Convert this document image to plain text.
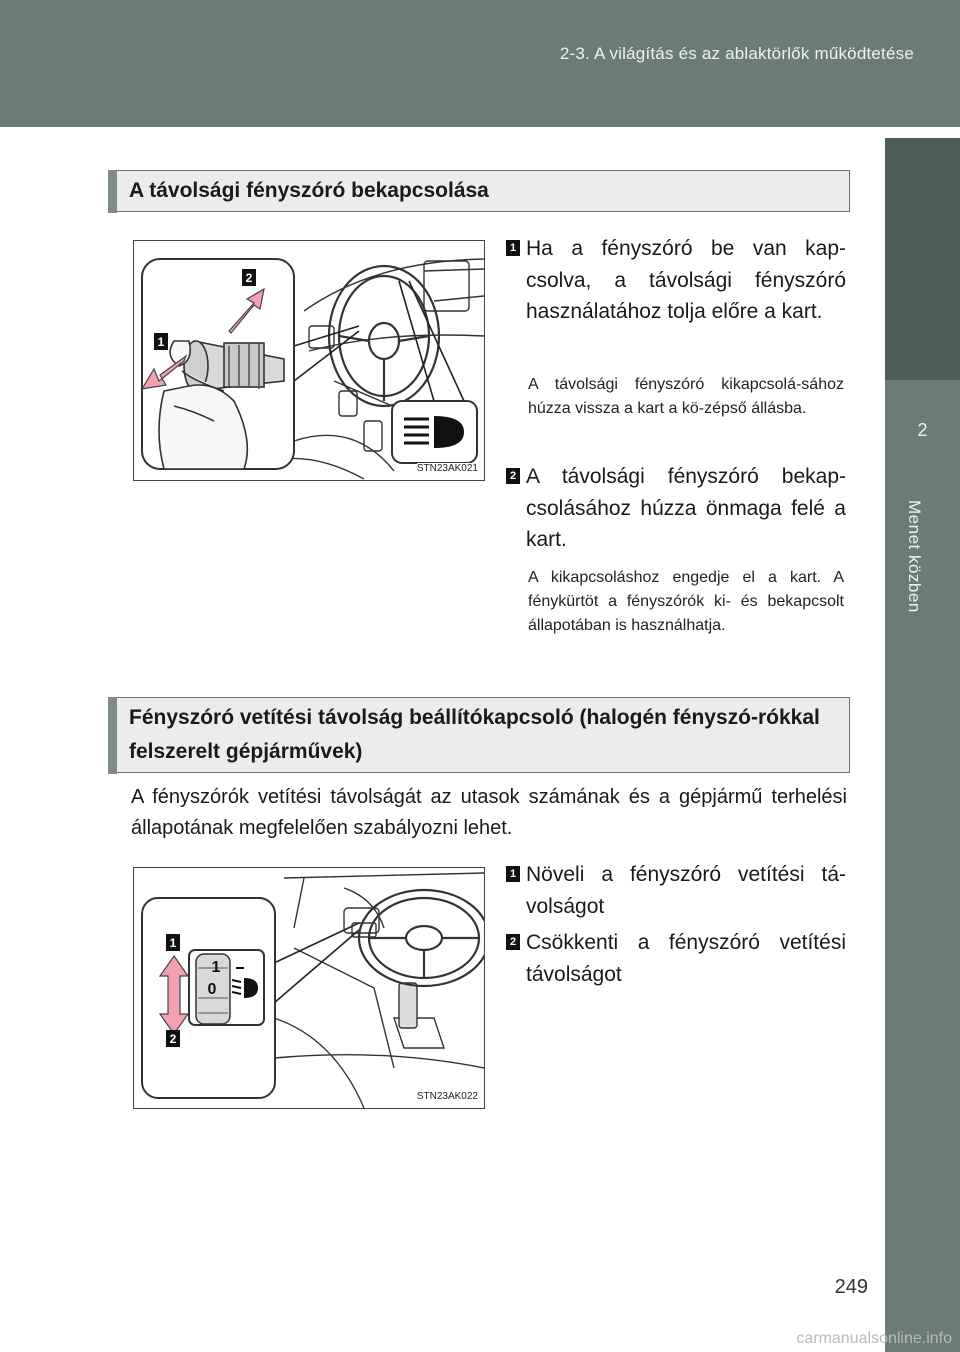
2-3. A világítás és az ablaktörlők működtetése
2
Menet közben
A távolsági fényszóró bekapcsolása
1
2
STN23AK021
1 Ha a fényszóró be van kap-csolva, a távolsági fényszóró használatához tolja előre a kart.
A távolsági fényszóró kikapcsolá-sához húzza vissza a kart a kö-zépső állásba.
2 A távolsági fényszóró bekap-csolásához húzza önmaga felé a kart.
A kikapcsoláshoz engedje el a kart. A fénykürtöt a fényszórók ki- és bekapcsolt állapotában is használhatja.
Fényszóró vetítési távolság beállítókapcsoló (halogén fényszó-rókkal felszerelt gépjárművek)
A fényszórók vetítési távolságát az utasok számának és a gépjármű terhelési állapotának megfelelően szabályozni lehet.
1
0
1
2
STN23AK022
1 Növeli a fényszóró vetítési tá-volságot
2 Csökkenti a fényszóró vetítési távolságot
249
carmanualsonline.info
